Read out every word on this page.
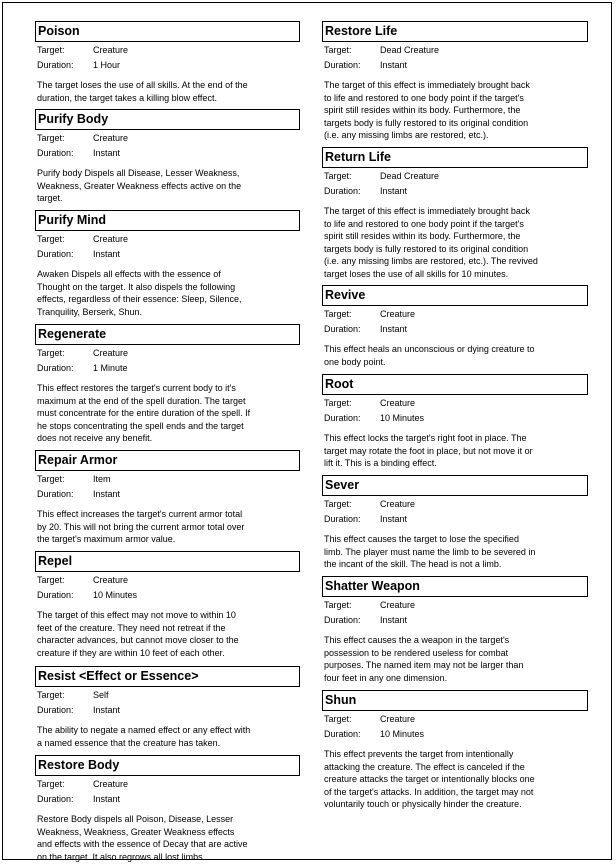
Poison
Target:	Creature
Duration: 1 Hour
The target loses the use of all skills. At the end of the
duration, the target takes a killing blow effect.
Purify Body
Target:	Creature
Duration: Instant
Purify body Dispels all Disease, Lesser Weakness,
Weakness, Greater Weakness effects active on the
target.
Purify Mind
Target:	Creature
Duration: Instant
Awaken Dispels all effects with the essence of
Thought on the target. It also dispels the following
effects, regardless of their essence: Sleep, Silence,
Tranquility, Berserk, Shun.
Regenerate
Target:	Creature
Duration: 1 Minute
This effect restores the target's current body to it's
maximum at the end of the spell duration. The target
must concentrate for the entire duration of the spell. If
he stops concentrating the spell ends and the target
does not receive any benefit.
Repair Armor
Target:	Item
Duration: Instant
This effect increases the target's current armor total
by 20. This will not bring the current armor total over
the target's maximum armor value.
Repel
Target:	Creature
Duration: 10 Minutes
The target of this effect may not move to within 10
feet of the creature. They need not retreat if the
character advances, but cannot move closer to the
creature if they are within 10 feet of each other.
Resist <Effect or Essence>
Target:	Self
Duration: Instant
The ability to negate a named effect or any effect with
a named essence that the creature has taken.
Restore Body
Target:	Creature
Duration: Instant
Restore Body dispels all Poison, Disease, Lesser
Weakness, Weakness, Greater Weakness effects
and effects with the essence of Decay that are active
on the target. It also regrows all lost limbs.
Restore Life
Target:	Dead Creature
Duration: Instant
The target of this effect is immediately brought back
to life and restored to one body point if the target's
spirit still resides within its body. Furthermore, the
targets body is fully restored to its original condition
(i.e. any missing limbs are restored, etc.).
Return Life
Target:	Dead Creature
Duration: Instant
The target of this effect is immediately brought back
to life and restored to one body point if the target's
spirit still resides within its body. Furthermore, the
targets body is fully restored to its original condition
(i.e. any missing limbs are restored, etc.). The revived
target loses the use of all skills for 10 minutes.
Revive
Target:	Creature
Duration: Instant
This effect heals an unconscious or dying creature to
one body point.
Root
Target:	Creature
Duration: 10 Minutes
This effect locks the target's right foot in place. The
target may rotate the foot in place, but not move it or
lift it. This is a binding effect.
Sever
Target:	Creature
Duration: Instant
This effect causes the target to lose the specified
limb. The player must name the limb to be severed in
the incant of the skill. The head is not a limb.
Shatter Weapon
Target:	Creature
Duration: Instant
This effect causes the a weapon in the target's
possession to be rendered useless for combat
purposes. The named item may not be larger than
four feet in any one dimension.
Shun
Target:	Creature
Duration: 10 Minutes
This effect prevents the target from intentionally
attacking the creature. The effect is canceled if the
creature attacks the target or intentionally blocks one
of the target's attacks. In addition, the target may not
voluntarily touch or physically hinder the creature.
